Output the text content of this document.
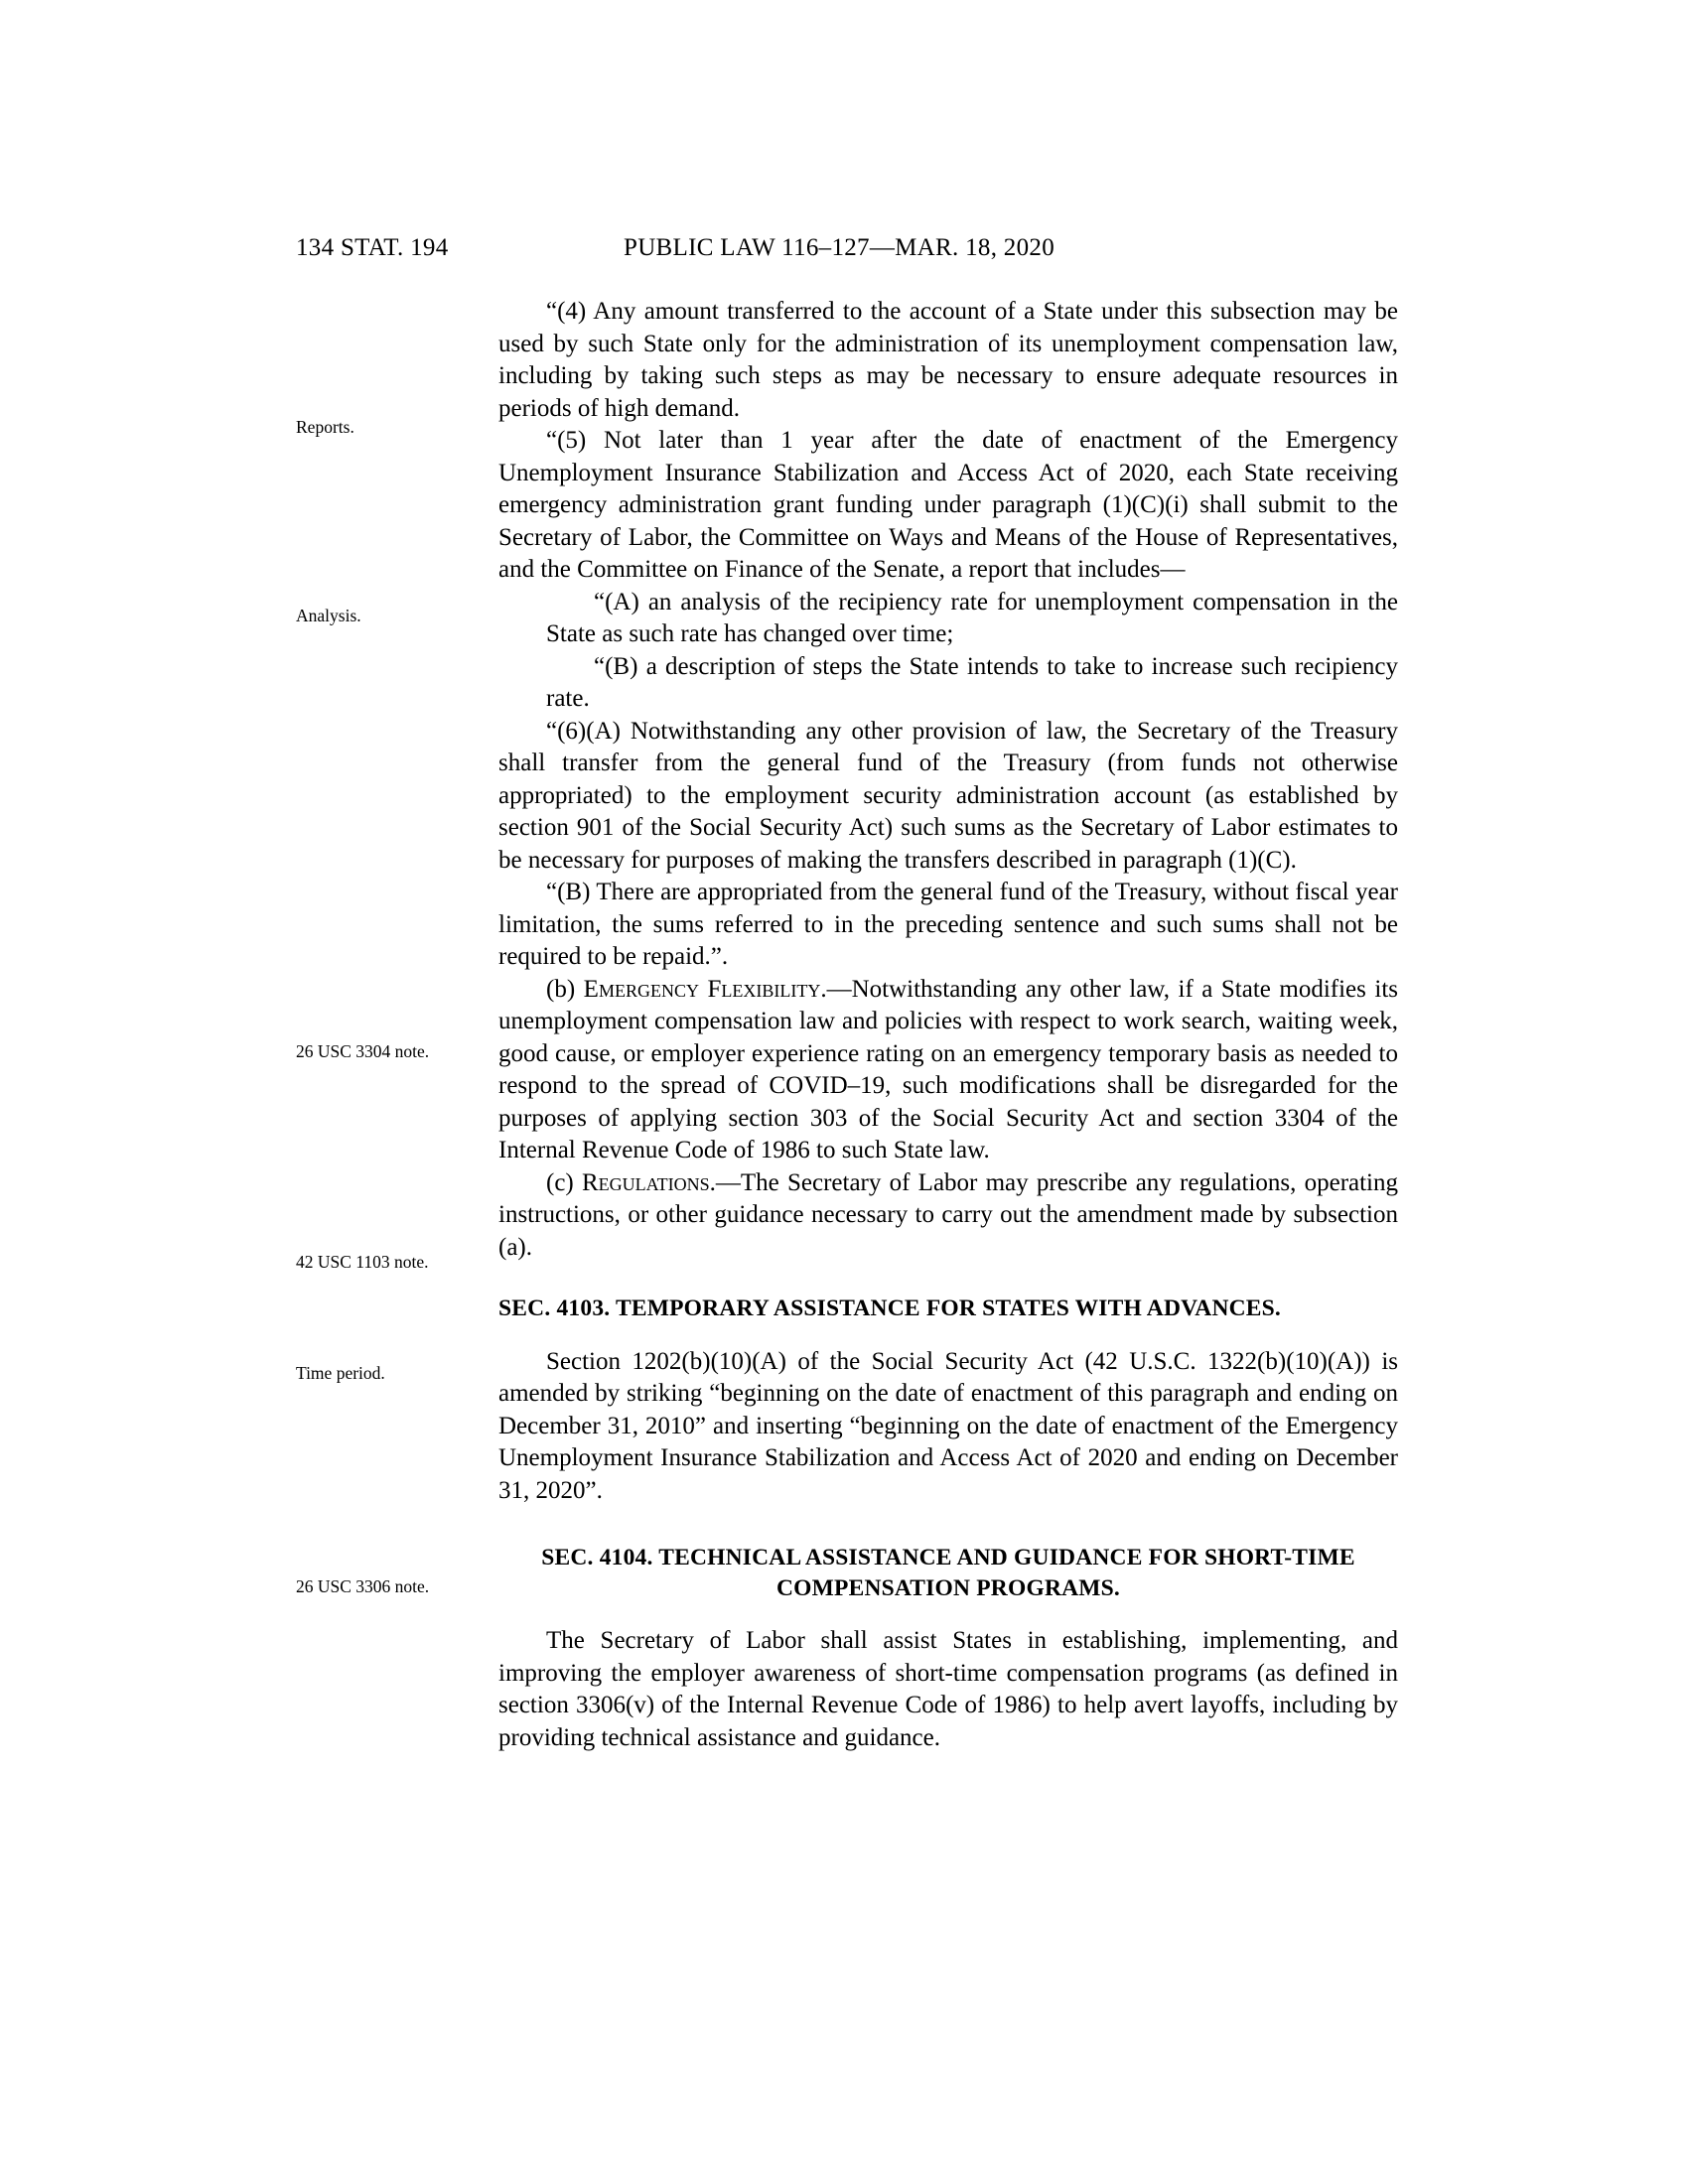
134 STAT. 194	PUBLIC LAW 116–127—MAR. 18, 2020
Reports.
Analysis.
26 USC 3304 note.
42 USC 1103 note.
Time period.
26 USC 3306 note.

“(4) Any amount transferred to the account of a State under this subsection may be used by such State only for the administration of its unemployment compensation law, including by taking such steps as may be necessary to ensure adequate resources in periods of high demand.

“(5) Not later than 1 year after the date of enactment of the Emergency Unemployment Insurance Stabilization and Access Act of 2020, each State receiving emergency administration grant funding under paragraph (1)(C)(i) shall submit to the Secretary of Labor, the Committee on Ways and Means of the House of Representatives, and the Committee on Finance of the Senate, a report that includes—

“(A) an analysis of the recipiency rate for unemployment compensation in the State as such rate has changed over time;

“(B) a description of steps the State intends to take to increase such recipiency rate.

“(6)(A) Notwithstanding any other provision of law, the Secretary of the Treasury shall transfer from the general fund of the Treasury (from funds not otherwise appropriated) to the employment security administration account (as established by section 901 of the Social Security Act) such sums as the Secretary of Labor estimates to be necessary for purposes of making the transfers described in paragraph (1)(C).

“(B) There are appropriated from the general fund of the Treasury, without fiscal year limitation, the sums referred to in the preceding sentence and such sums shall not be required to be repaid.”.

(b) Emergency Flexibility.—Notwithstanding any other law, if a State modifies its unemployment compensation law and policies with respect to work search, waiting week, good cause, or employer experience rating on an emergency temporary basis as needed to respond to the spread of COVID–19, such modifications shall be disregarded for the purposes of applying section 303 of the Social Security Act and section 3304 of the Internal Revenue Code of 1986 to such State law.

(c) Regulations.—The Secretary of Labor may prescribe any regulations, operating instructions, or other guidance necessary to carry out the amendment made by subsection (a).

SEC. 4103. TEMPORARY ASSISTANCE FOR STATES WITH ADVANCES.

Section 1202(b)(10)(A) of the Social Security Act (42 U.S.C. 1322(b)(10)(A)) is amended by striking “beginning on the date of enactment of this paragraph and ending on December 31, 2010” and inserting “beginning on the date of enactment of the Emergency Unemployment Insurance Stabilization and Access Act of 2020 and ending on December 31, 2020”.

SEC. 4104. TECHNICAL ASSISTANCE AND GUIDANCE FOR SHORT-TIME

COMPENSATION PROGRAMS.

The Secretary of Labor shall assist States in establishing, implementing, and improving the employer awareness of short-time compensation programs (as defined in section 3306(v) of the Internal Revenue Code of 1986) to help avert layoffs, including by providing technical assistance and guidance.
